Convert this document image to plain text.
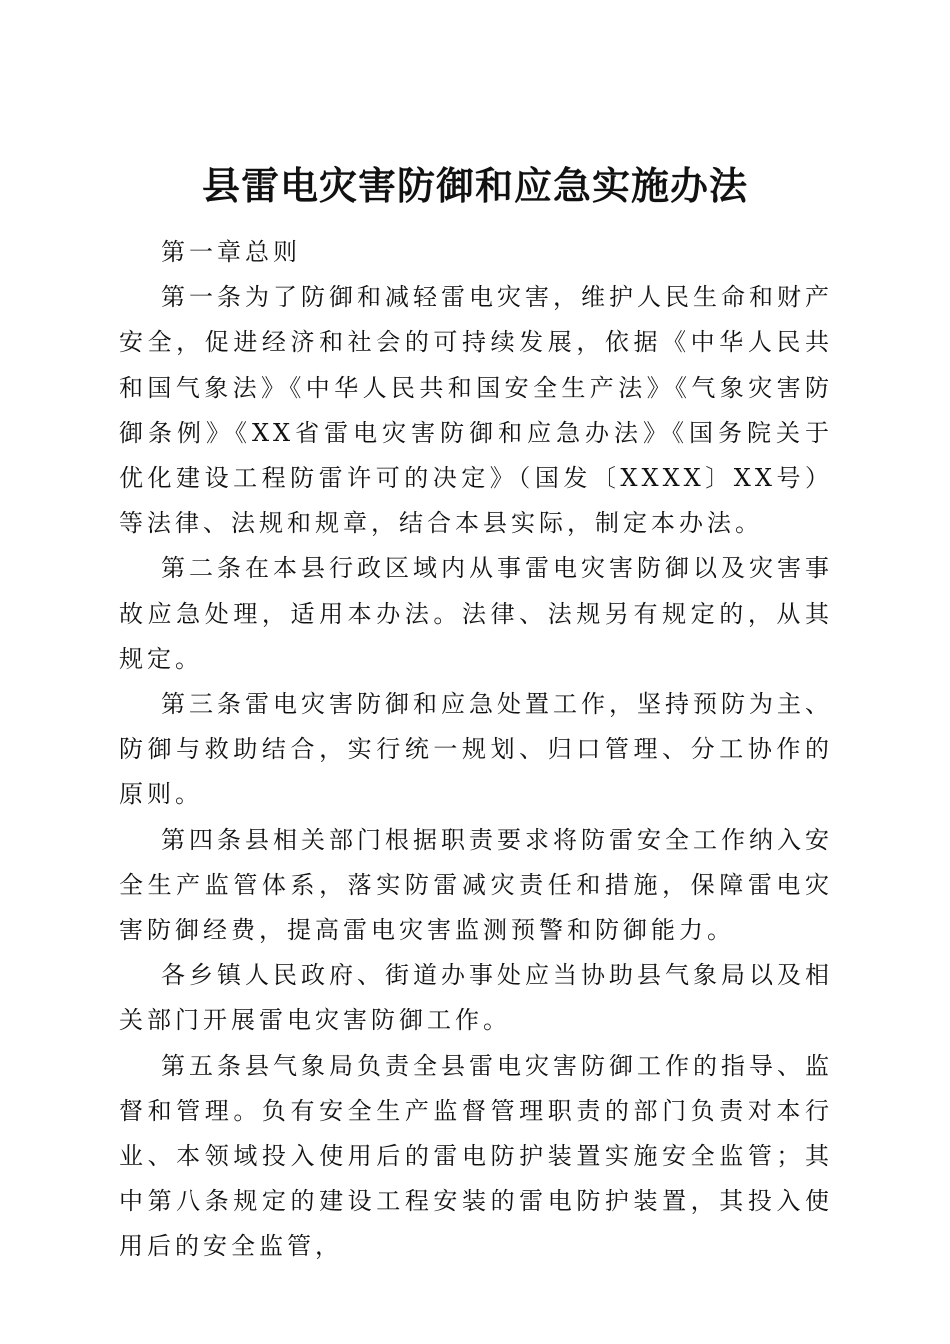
县雷电灾害防御和应急实施办法

第一章总则

第一条为了防御和减轻雷电灾害，维护人民生命和财产安全，促进经济和社会的可持续发展，依据《中华人民共和国气象法》《中华人民共和国安全生产法》《气象灾害防御条例》《XX省雷电灾害防御和应急办法》《国务院关于优化建设工程防雷许可的决定》（国发〔XXXX〕XX号）等法律、法规和规章，结合本县实际，制定本办法。

第二条在本县行政区域内从事雷电灾害防御以及灾害事故应急处理，适用本办法。法律、法规另有规定的，从其规定。

第三条雷电灾害防御和应急处置工作，坚持预防为主、防御与救助结合，实行统一规划、归口管理、分工协作的原则。

第四条县相关部门根据职责要求将防雷安全工作纳入安全生产监管体系，落实防雷减灾责任和措施，保障雷电灾害防御经费，提高雷电灾害监测预警和防御能力。

各乡镇人民政府、街道办事处应当协助县气象局以及相关部门开展雷电灾害防御工作。

第五条县气象局负责全县雷电灾害防御工作的指导、监督和管理。负有安全生产监督管理职责的部门负责对本行业、本领域投入使用后的雷电防护装置实施安全监管；其中第八条规定的建设工程安装的雷电防护装置，其投入使用后的安全监管，
